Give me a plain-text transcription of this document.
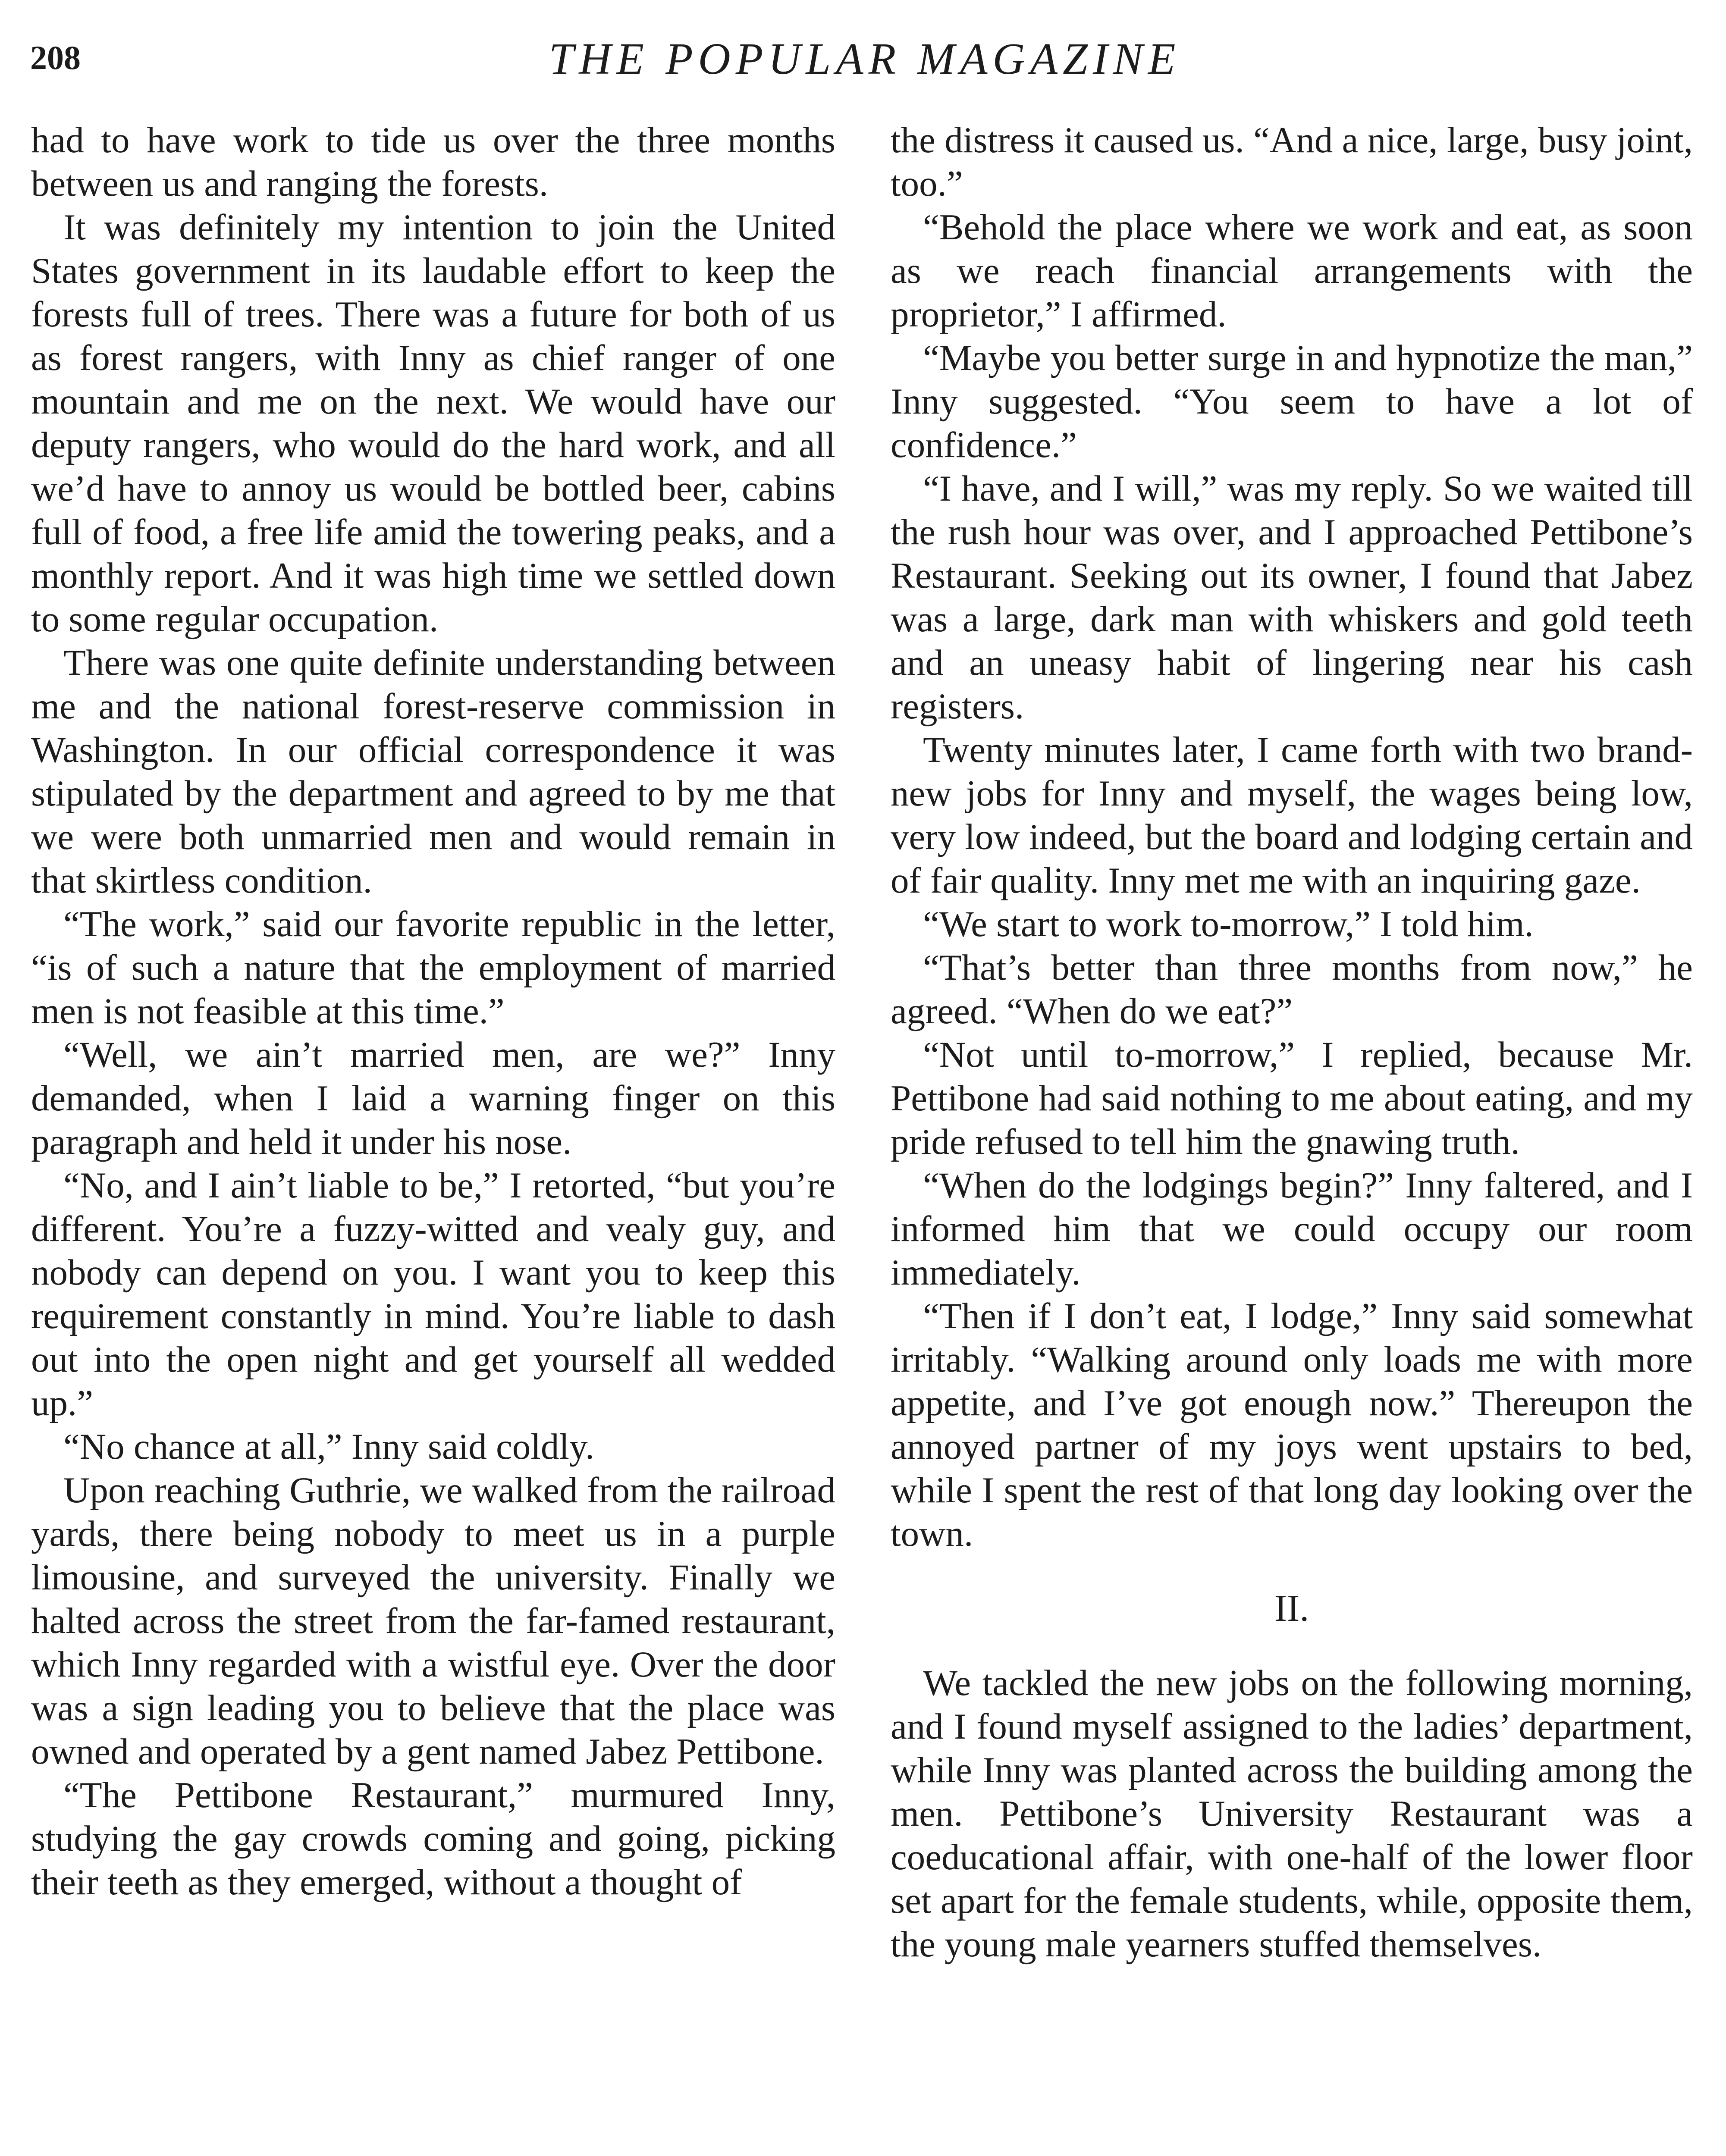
208	THE POPULAR MAGAZINE

had to have work to tide us over the three months between us and ranging the forests.

It was definitely my intention to join the United States government in its laudable effort to keep the forests full of trees. There was a future for both of us as forest rangers, with Inny as chief ranger of one mountain and me on the next. We would have our deputy rangers, who would do the hard work, and all we’d have to annoy us would be bottled beer, cabins full of food, a free life amid the towering peaks, and a monthly report. And it was high time we settled down to some regular occupation.

There was one quite definite understanding between me and the national forest-reserve commission in Washington. In our official correspondence it was stipulated by the department and agreed to by me that we were both unmarried men and would remain in that skirtless condition.

“The work,” said our favorite republic in the letter, “is of such a nature that the employment of married men is not feasible at this time.”

“Well, we ain’t married men, are we?” Inny demanded, when I laid a warning finger on this paragraph and held it under his nose.

“No, and I ain’t liable to be,” I retorted, “but you’re different. You’re a fuzzy-witted and vealy guy, and nobody can depend on you. I want you to keep this requirement constantly in mind. You’re liable to dash out into the open night and get yourself all wedded up.”

“No chance at all,” Inny said coldly.

Upon reaching Guthrie, we walked from the railroad yards, there being nobody to meet us in a purple limousine, and surveyed the university. Finally we halted across the street from the far-famed restaurant, which Inny regarded with a wistful eye. Over the door was a sign leading you to believe that the place was owned and operated by a gent named Jabez Pettibone.

“The Pettibone Restaurant,” murmured Inny, studying the gay crowds coming and going, picking their teeth as they emerged, without a thought of

the distress it caused us. “And a nice, large, busy joint, too.”

“Behold the place where we work and eat, as soon as we reach financial arrangements with the proprietor,” I affirmed.

“Maybe you better surge in and hypnotize the man,” Inny suggested. “You seem to have a lot of confidence.”

“I have, and I will,” was my reply. So we waited till the rush hour was over, and I approached Pettibone’s Restaurant. Seeking out its owner, I found that Jabez was a large, dark man with whiskers and gold teeth and an uneasy habit of lingering near his cash registers.

Twenty minutes later, I came forth with two brand-new jobs for Inny and myself, the wages being low, very low indeed, but the board and lodging certain and of fair quality. Inny met me with an inquiring gaze.

“We start to work to-morrow,” I told him.

“That’s better than three months from now,” he agreed. “When do we eat?”

“Not until to-morrow,” I replied, because Mr. Pettibone had said nothing to me about eating, and my pride refused to tell him the gnawing truth.

“When do the lodgings begin?” Inny faltered, and I informed him that we could occupy our room immediately.

“Then if I don’t eat, I lodge,” Inny said somewhat irritably. “Walking around only loads me with more appetite, and I’ve got enough now.” Thereupon the annoyed partner of my joys went upstairs to bed, while I spent the rest of that long day looking over the town.

II.

We tackled the new jobs on the following morning, and I found myself assigned to the ladies’ department, while Inny was planted across the building among the men. Pettibone’s University Restaurant was a coeducational affair, with one-half of the lower floor set apart for the female students, while, opposite them, the young male yearners stuffed themselves.
